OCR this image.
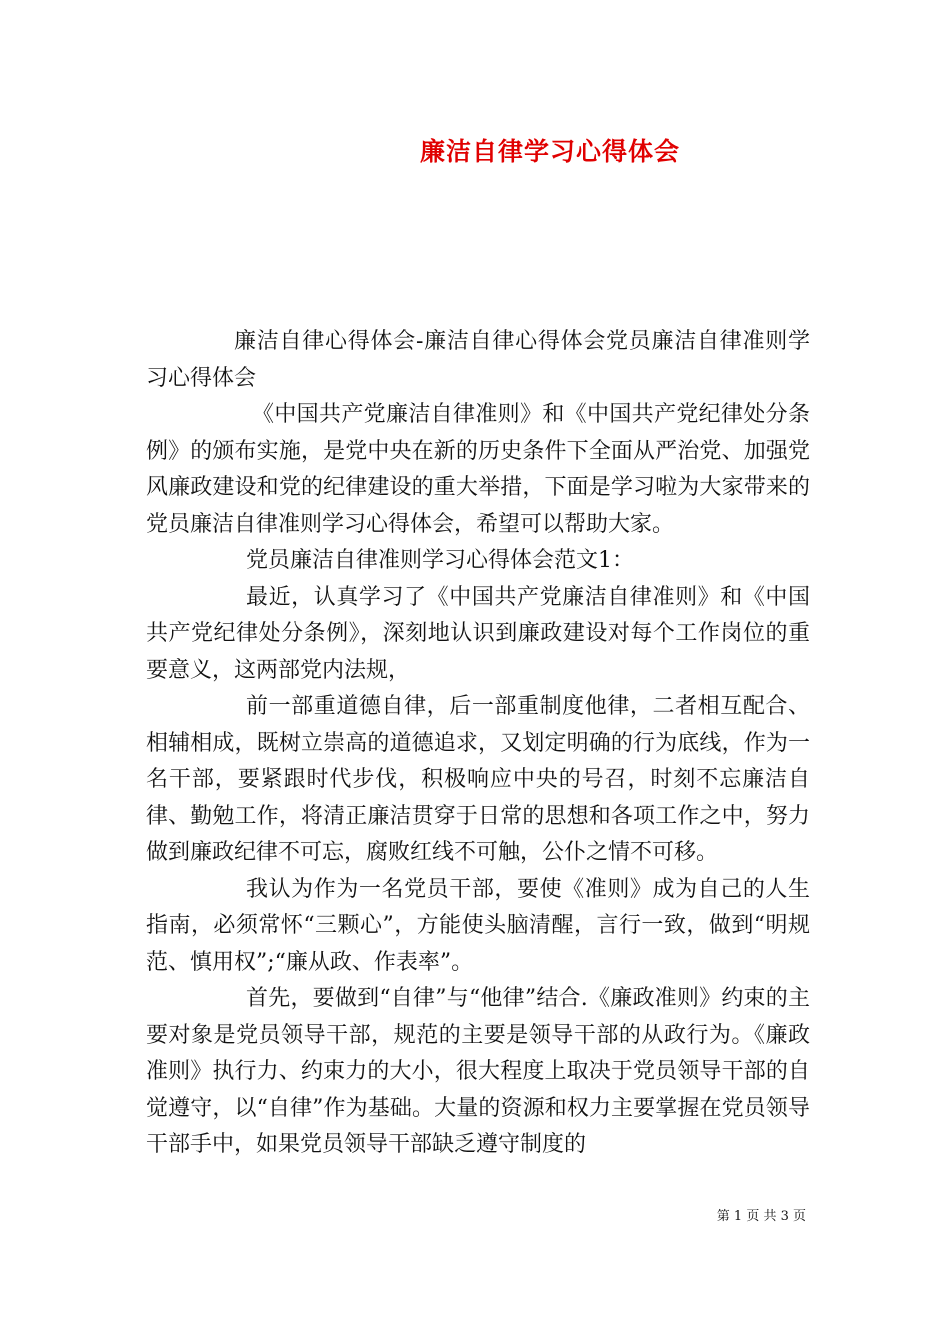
廉洁自律学习心得体会

廉洁自律心得体会-廉洁自律心得体会党员廉洁自律准则学习心得体会

《中国共产党廉洁自律准则》和《中国共产党纪律处分条例》的颁布实施，是党中央在新的历史条件下全面从严治党、加强党风廉政建设和党的纪律建设的重大举措，下面是学习啦为大家带来的党员廉洁自律准则学习心得体会，希望可以帮助大家。

党员廉洁自律准则学习心得体会范文1：

最近，认真学习了《中国共产党廉洁自律准则》和《中国共产党纪律处分条例》，深刻地认识到廉政建设对每个工作岗位的重要意义，这两部党内法规，

前一部重道德自律，后一部重制度他律，二者相互配合、相辅相成，既树立崇高的道德追求，又划定明确的行为底线，作为一名干部，要紧跟时代步伐，积极响应中央的号召，时刻不忘廉洁自律、勤勉工作，将清正廉洁贯穿于日常的思想和各项工作之中，努力做到廉政纪律不可忘，腐败红线不可触，公仆之情不可移。

我认为作为一名党员干部，要使《准则》成为自己的人生指南，必须常怀“三颗心”，方能使头脑清醒，言行一致，做到“明规范、慎用权”;“廉从政、作表率”。

首先，要做到“自律”与“他律”结合.《廉政准则》约束的主要对象是党员领导干部，规范的主要是领导干部的从政行为。《廉政准则》执行力、约束力的大小，很大程度上取决于党员领导干部的自觉遵守，以“自律”作为基础。大量的资源和权力主要掌握在党员领导干部手中，如果党员领导干部缺乏遵守制度的

第 1 页 共 3 页
